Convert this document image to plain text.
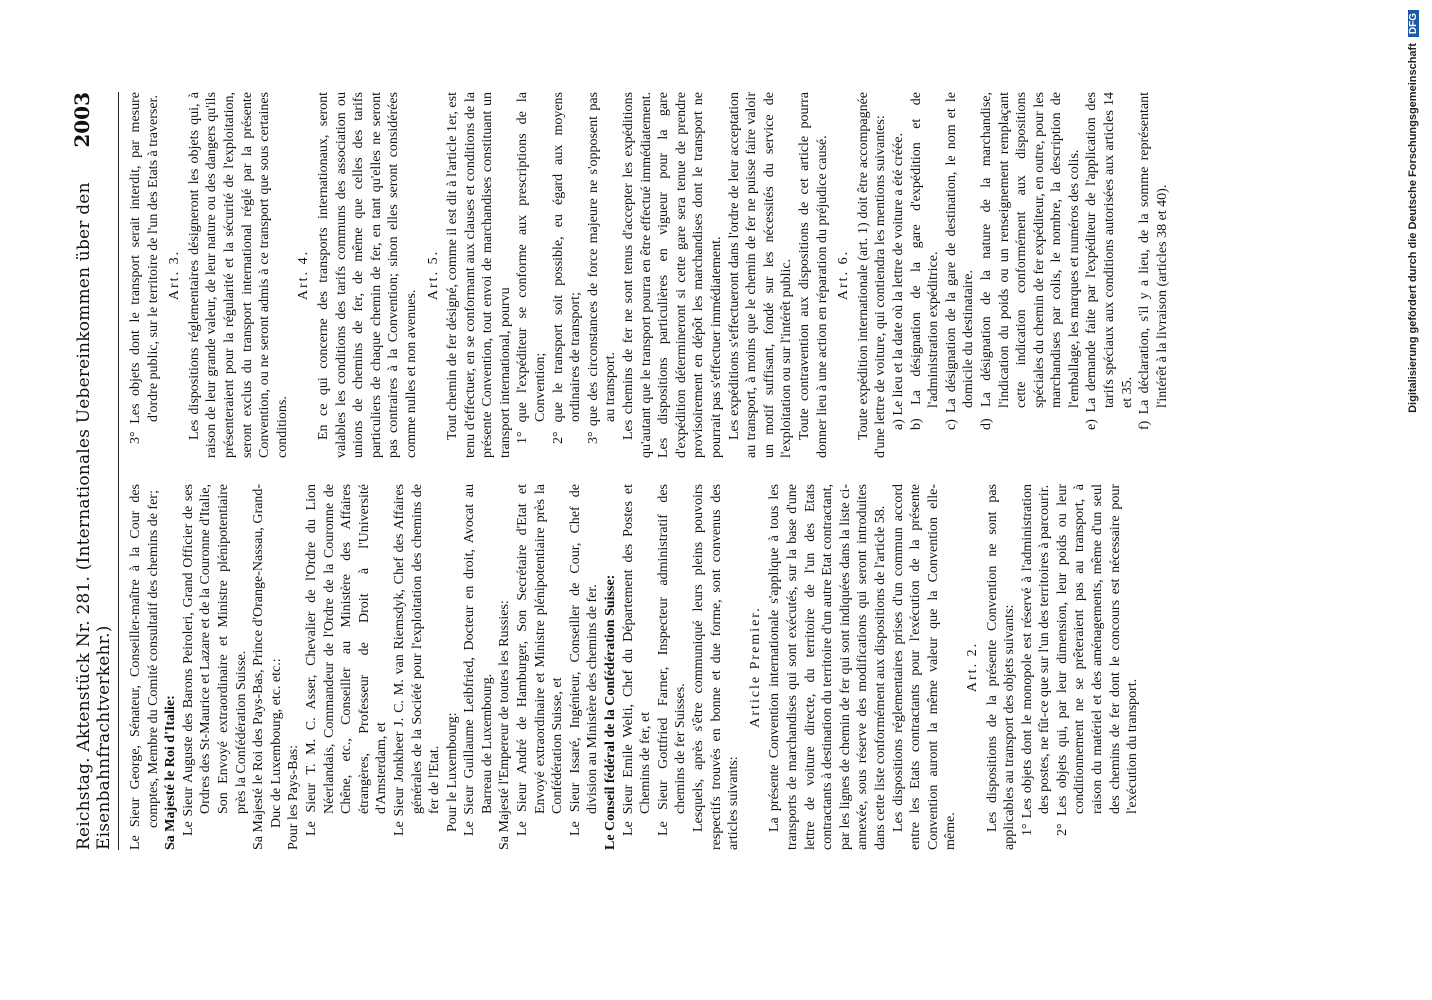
Reichstag. Aktenstück Nr. 281. (Internationales Uebereinkommen über den Eisenbahnfrachtverkehr.)
2003

Le Sieur George, Sénateur, Conseiller-maître à la Cour des comptes, Membre du Comité consultatif des chemins de fer; Sa Majesté le Roi d'Italie: Le Sieur Auguste des Barons Peiroleri, Grand Officier de ses Ordres des St-Maurice et Lazare et de la Couronne d'Italie, Son Envoyé extraordinaire et Ministre plénipotentiaire près la Confédération Suisse. Sa Majesté le Roi des Pays-Bas, Prince d'Orange-Nassau, Grand-Duc de Luxembourg, etc. etc.: Pour les Pays-Bas: Le Sieur T. M. C. Asser, Chevalier de l'Ordre du Lion Néerlandais, Commandeur de l'Ordre de la Couronne de Chêne, etc., Conseiller au Ministère des Affaires étrangères, Professeur de Droit à l'Université d'Amsterdam, et Le Sieur Jonkheer J. C. M. van Riemsdyk, Chef des Affaires générales de la Société pour l'exploitation des chemins de fer de l'Etat. Pour le Luxembourg: Le Sieur Guillaume Leibfried, Docteur en droit, Avocat au Barreau de Luxembourg. Sa Majesté l'Empereur de toutes les Russies: Le Sieur André de Hamburger, Son Secrétaire d'Etat et Envoyé extraordinaire et Ministre plénipotentiaire près la Confédération Suisse, et Le Sieur Issaré, Ingénieur, Conseiller de Cour, Chef de division au Ministère des chemins de fer. Le Conseil fédéral de la Confédération Suisse: Le Sieur Emile Welti, Chef du Département des Postes et Chemins de fer, et Le Sieur Gottfried Farner, Inspecteur administratif des chemins de fer Suisses. Lesquels, après s'être communiqué leurs pleins pouvoirs respectifs trouvés en bonne et due forme, sont convenus des articles suivants:

Article Premier. La présente Convention internationale s'applique à tous les transports de marchandises qui sont exécutés, sur la base d'une lettre de voiture directe, du territoire de l'un des Etats contractants à destination du territoire d'un autre Etat contractant, par les lignes de chemin de fer qui sont indiquées dans la liste ci-annexée, sous réserve des modifications qui seront introduites dans cette liste conformément aux dispositions de l'article 58. Les dispositions réglementaires prises d'un commun accord entre les Etats contractants pour l'exécution de la présente Convention auront la même valeur que la Convention elle-même.

Art. 2. Les dispositions de la présente Convention ne sont pas applicables au transport des objets suivants: 1° Les objets dont le monopole est réservé à l'administration des postes, ne fût-ce que sur l'un des territoires à parcourir. 2° Les objets qui, par leur dimension, leur poids ou leur conditionnement ne se prêteraient pas au transport, à raison du matériel et des aménagements, même d'un seul des chemins de fer dont le concours est nécessaire pour l'exécution du transport.

3° Les objets dont le transport serait interdit, par mesure d'ordre public, sur le territoire de l'un des Etats à traverser. Art. 3. Les dispositions réglementaires désigneront les objets qui, à raison de leur grande valeur, de leur nature ou des dangers qu'ils présenteraient pour la régularité et la sécurité de l'exploitation, seront exclus du transport international réglé par la présente Convention, ou ne seront admis à ce transport que sous certaines conditions.

Art. 4. En ce qui concerne des transports internationaux, seront valables les conditions des tarifs communs des association ou unions de chemins de fer, de même que celles des tarifs particuliers de chaque chemin de fer, en tant qu'elles ne seront pas contraires à la Convention; sinon elles seront considérées comme nulles et non avenues.

Art. 5. Tout chemin de fer désigné, comme il est dit à l'article 1er, est tenu d'effectuer, en se conformant aux clauses et conditions de la présente Convention, tout envoi de marchandises constituant un transport international, pourvu 1° que l'expéditeur se conforme aux prescriptions de la Convention; 2° que le transport soit possible, eu égard aux moyens ordinaires de transport; 3° que des circonstances de force majeure ne s'opposent pas au transport. Les chemins de fer ne sont tenus d'accepter les expéditions qu'autant que le transport pourra en être effectué immédiatement. Les dispositions particulières en vigueur pour la gare d'expédition détermineront si cette gare sera tenue de prendre provisoirement en dépôt les marchandises dont le transport ne pourrait pas s'effectuer immédiatement. Les expéditions s'effectueront dans l'ordre de leur acceptation au transport, à moins que le chemin de fer ne puisse faire valoir un motif suffisant, fondé sur les nécessités du service de l'exploitation ou sur l'intérêt public. Toute contravention aux dispositions de cet article pourra donner lieu à une action en réparation du préjudice causé. Art. 6. Toute expédition internationale (art. 1) doit être accompagnée d'une lettre de voiture, qui contiendra les mentions suivantes: a) Le lieu et la date où la lettre de voiture a été créée. b) La désignation de la gare d'expédition et de l'administration expéditrice. c) La désignation de la gare de destination, le nom et le domicile du destinataire. d) La désignation de la nature de la marchandise, l'indication du poids ou un renseignement remplaçant cette indication conformément aux dispositions spéciales du chemin de fer expéditeur, en outre, pour les marchandises par colis, le nombre, la description de l'emballage, les marques et numéros des colis. e) La demande faite par l'expéditeur de l'application des tarifs spéciaux aux conditions autorisées aux articles 14 et 35. f) La déclaration, s'il y a lieu, de la somme représentant l'intérêt à la livraison (articles 38 et 40).	Digitalisierung gefördert durch die Deutsche Forschungsgemeinschaft
DFG
